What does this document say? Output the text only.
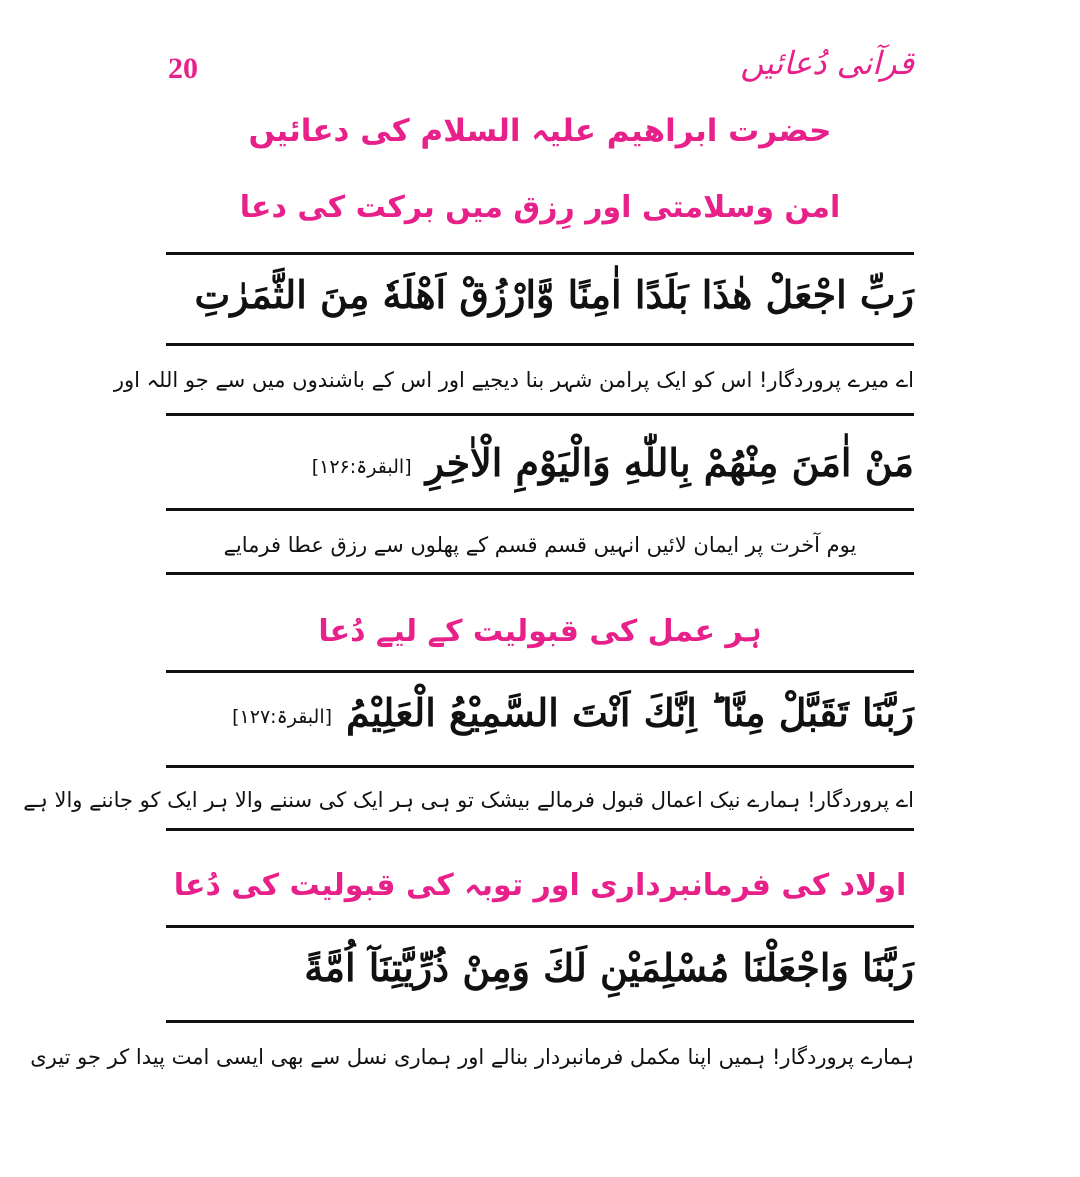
20	قرآنی دُعائیں
حضرت ابراھیم علیہ السلام کی دعائیں
امن وسلامتی اور رِزق میں برکت کی دعا
رَبِّ اجْعَلْ هٰذَا بَلَدًا اٰمِنًا وَّارْزُقْ اَهْلَهٗ مِنَ الثَّمَرٰتِ
اے میرے پروردگار! اس کو ایک پرامن شہر بنا دیجیے اور اس کے باشندوں میں سے جو اللہ اور
مَنْ اٰمَنَ مِنْهُمْ بِاللّٰهِ وَالْيَوْمِ الْاٰخِرِ[البقرۃ:۱۲۶]
یوم آخرت پر ایمان لائیں انہیں قسم قسم کے پھلوں سے رزق عطا فرمایے
ہر عمل کی قبولیت کے لیے دُعا
رَبَّنَا تَقَبَّلْ مِنَّا ؕ اِنَّكَ اَنْتَ السَّمِيْعُ الْعَلِيْمُ[البقرۃ:۱۲۷]
اے پروردگار! ہمارے نیک اعمال قبول فرمالے بیشک تو ہی ہر ایک کی سننے والا ہر ایک کو جاننے والا ہے
اولاد کی فرمانبرداری اور توبہ کی قبولیت کی دُعا
رَبَّنَا وَاجْعَلْنَا مُسْلِمَيْنِ لَكَ وَمِنْ ذُرِّيَّتِنَآ اُمَّةً
ہمارے پروردگار! ہمیں اپنا مکمل فرمانبردار بنالے اور ہماری نسل سے بھی ایسی امت پیدا کر جو تیری
